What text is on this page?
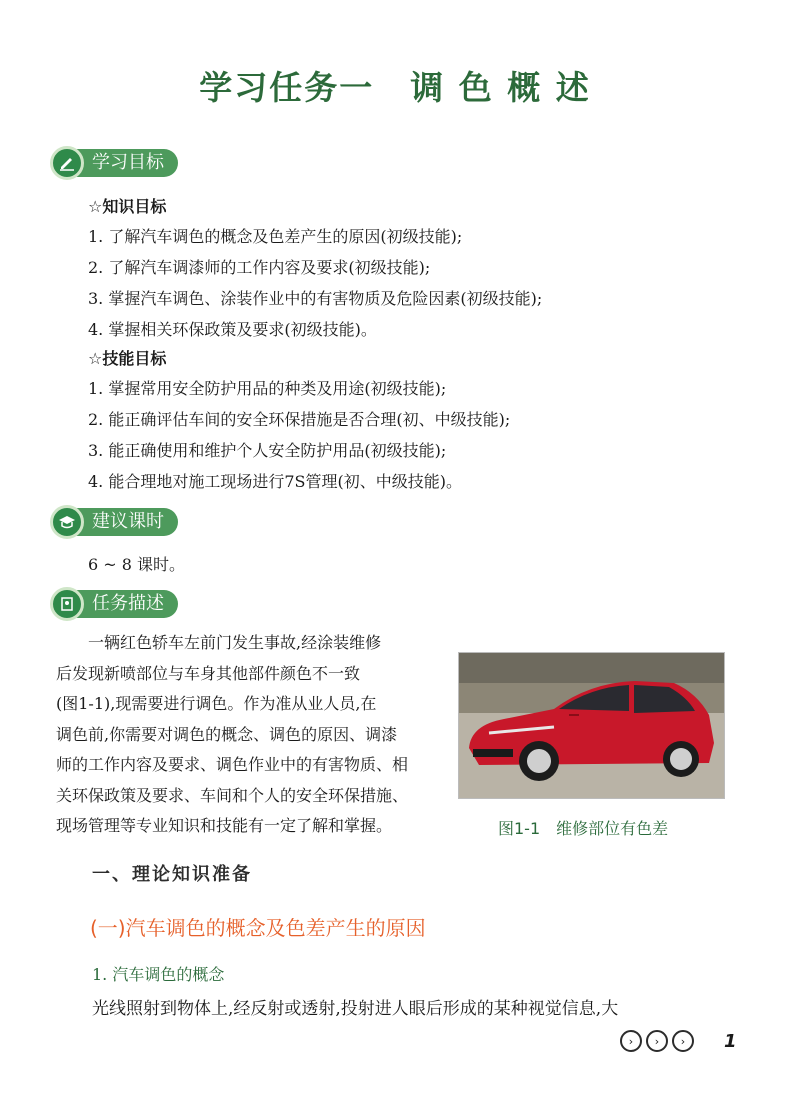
学习任务一 调 色 概 述
学习目标
☆知识目标
1. 了解汽车调色的概念及色差产生的原因(初级技能);
2. 了解汽车调漆师的工作内容及要求(初级技能);
3. 掌握汽车调色、涂装作业中的有害物质及危险因素(初级技能);
4. 掌握相关环保政策及要求(初级技能)。
☆技能目标
1. 掌握常用安全防护用品的种类及用途(初级技能);
2. 能正确评估车间的安全环保措施是否合理(初、中级技能);
3. 能正确使用和维护个人安全防护用品(初级技能);
4. 能合理地对施工现场进行7S管理(初、中级技能)。
建议课时
6 ~ 8 课时。
任务描述
一辆红色轿车左前门发生事故,经涂装维修
后发现新喷部位与车身其他部件颜色不一致
(图1-1),现需要进行调色。作为准从业人员,在
调色前,你需要对调色的概念、调色的原因、调漆
师的工作内容及要求、调色作业中的有害物质、相
关环保政策及要求、车间和个人的安全环保措施、
现场管理等专业知识和技能有一定了解和掌握。	图1-1 维修部位有色差
一、理论知识准备
(一)汽车调色的概念及色差产生的原因
1. 汽车调色的概念
光线照射到物体上,经反射或透射,投射进人眼后形成的某种视觉信息,大
›	›	›	1
